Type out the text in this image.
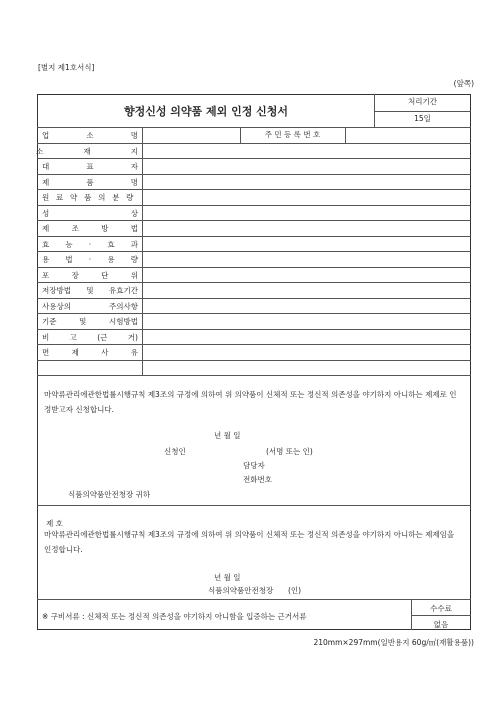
[별지 제1호서식]
(앞쪽)
향정신성 의약품 제외 인정 신청서
처리기간
15일
업	소	명	주 민 등 록 번 호
소	재	지
대	표	자
제	품	명
원 료 약 품 의 분 량
성	상
제	조	방	법
효 능 · 효 과
용 법 · 용 량
포	장	단	위
저장방법 및 유효기간
사용상의	주의사항
기준	및	시험방법
비	고	(근	거)
면	제	사	유
마약류관리에관한법률시행규칙 제3조의 규정에 의하여 위 의약품이 신체적 또는 정신적 의존성을 야기하지 아니하는 제제로 인정받고자 신청합니다.
년 월 일
신청인	(서명 또는 인)
담당자
전화번호
식품의약품안전청장 귀하
제 호
마약류관리에관한법률시행규칙 제3조의 규정에 의하여 위 의약품이 신체적 또는 정신적 의존성을 야기하지 아니하는 제제임을 인정합니다.
년 월 일
식품의약품안전청장 (인)
※ 구비서류 : 신체적 또는 정신적 의존성을 야기하지 아니함을 입증하는 근거서류
수수료
없음
210mm×297mm(일반용지 60g/㎡(재활용품))
